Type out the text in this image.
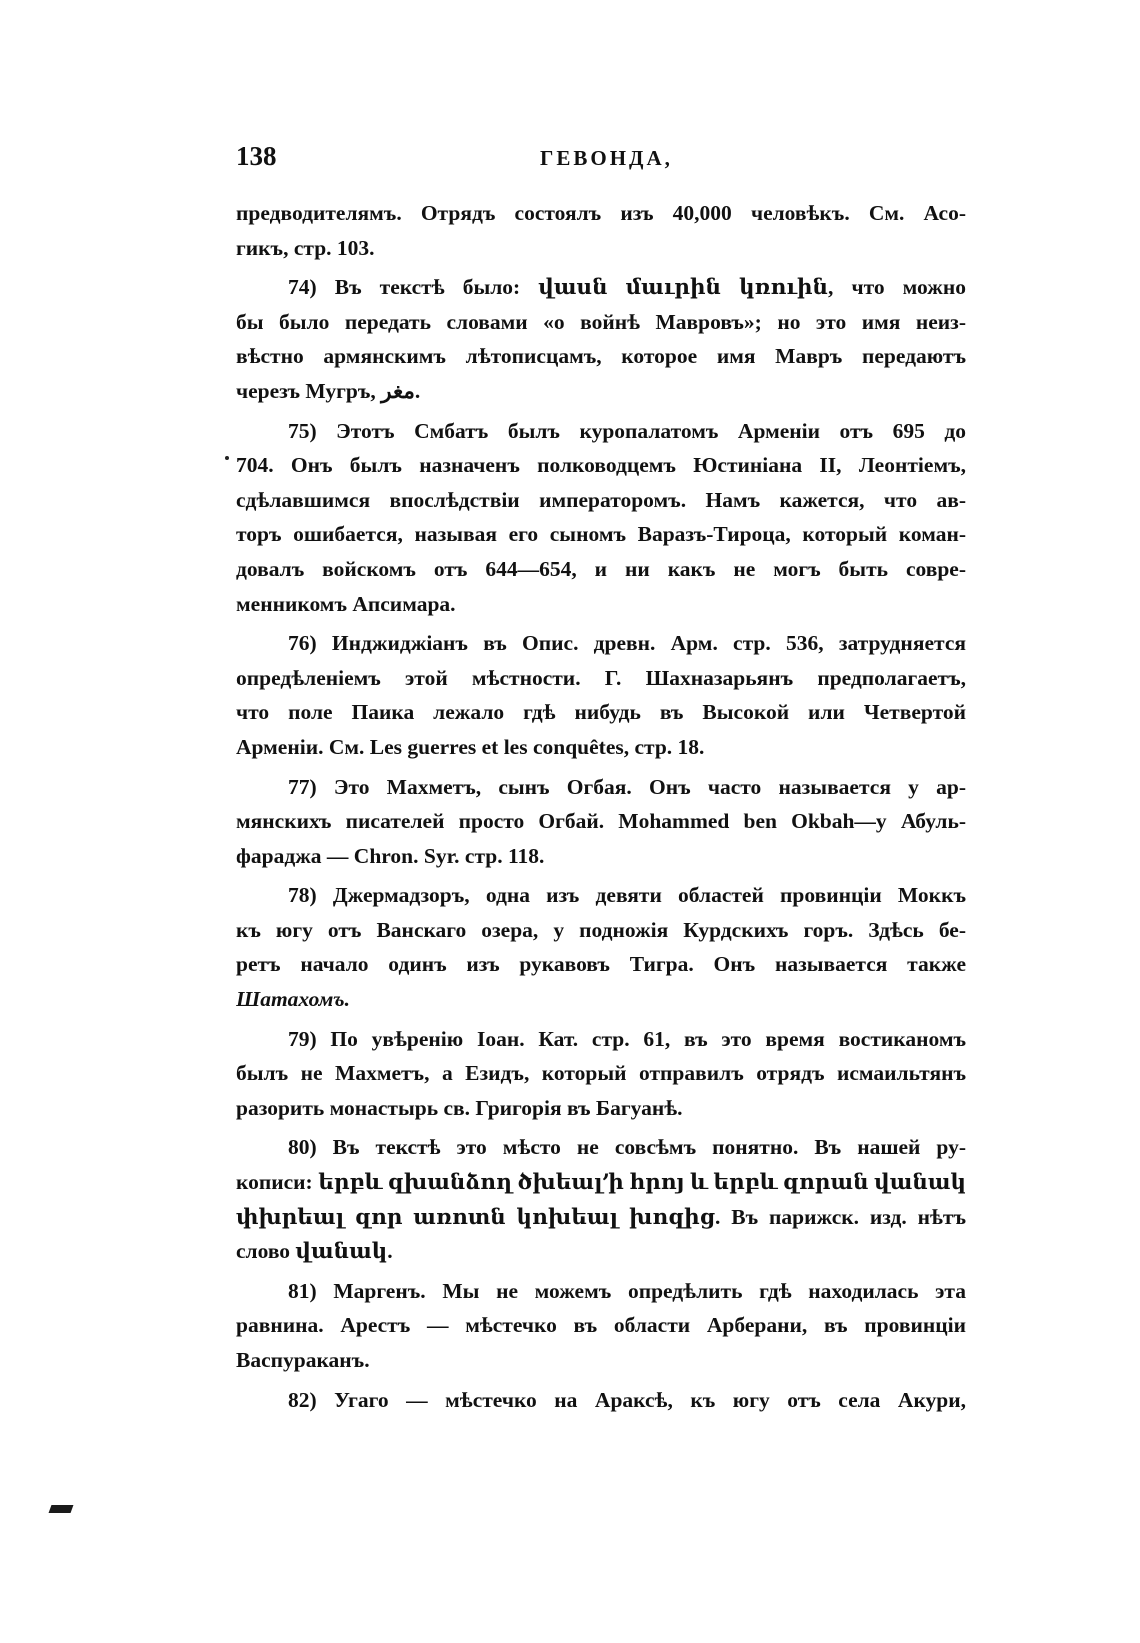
138	ГЕВОНДА,
предводителямъ. Отрядъ состоялъ изъ 40,000 человѣкъ. См. Асо-
гикъ, стр. 103.
74) Въ текстѣ было: վասն մաւրին կռուին, что можно
бы было передать словами «о войнѣ Мавровъ»; но это имя неиз-
вѣстно армянскимъ лѣтописцамъ, которое имя Мавръ передаютъ
черезъ Мугръ, مغر.
75) Этотъ Смбатъ былъ куропалатомъ Арменіи отъ 695 до
704. Онъ былъ назначенъ полководцемъ Юстиніана II, Леонтіемъ,
сдѣлавшимся впослѣдствіи императоромъ. Намъ кажется, что ав-
торъ ошибается, называя его сыномъ Варазъ-Тироца, который коман-
довалъ войскомъ отъ 644—654, и ни какъ не могъ быть совре-
менникомъ Апсимара.
76) Инджиджіанъ въ Опис. древн. Арм. стр. 536, затрудняется
опредѣленіемъ этой мѣстности. Г. Шахназарьянъ предполагаетъ,
что поле Паика лежало гдѣ нибудь въ Высокой или Четвертой
Арменіи. См. Les guerres et les conquêtes, стр. 18.
77) Это Махметъ, сынъ Огбая. Онъ часто называется у ар-
мянскихъ писателей просто Огбай. Mohammed ben Okbah—у Абуль-
фараджа — Chron. Syr. стр. 118.
78) Джермадзоръ, одна изъ девяти областей провинціи Моккъ
къ югу отъ Ванскаго озера, у подножія Курдскихъ горъ. Здѣсь бе-
ретъ начало одинъ изъ рукавовъ Тигра. Онъ называется также
Шатахомъ.
79) По увѣренію Іоан. Кат. стр. 61, въ это время востиканомъ
былъ не Махметъ, а Езидъ, который отправилъ отрядъ исмаильтянъ
разорить монастырь св. Григорія въ Багуанѣ.
80) Въ текстѣ это мѣсто не совсѣмъ понятно. Въ нашей ру-
кописи: երբև զխանձող ծխեալ՚ի հրոյ և երբև զորան վանակ
փխրեալ զոր առոտն կոխեալ խոզից. Въ парижск. изд. нѣтъ
слово վանակ.
81) Маргенъ. Мы не можемъ опредѣлить гдѣ находилась эта
равнина. Арестъ — мѣстечко въ области Арберани, въ провинціи
Васпураканъ.
82) Угаго — мѣстечко на Араксѣ, къ югу отъ села Акури,
